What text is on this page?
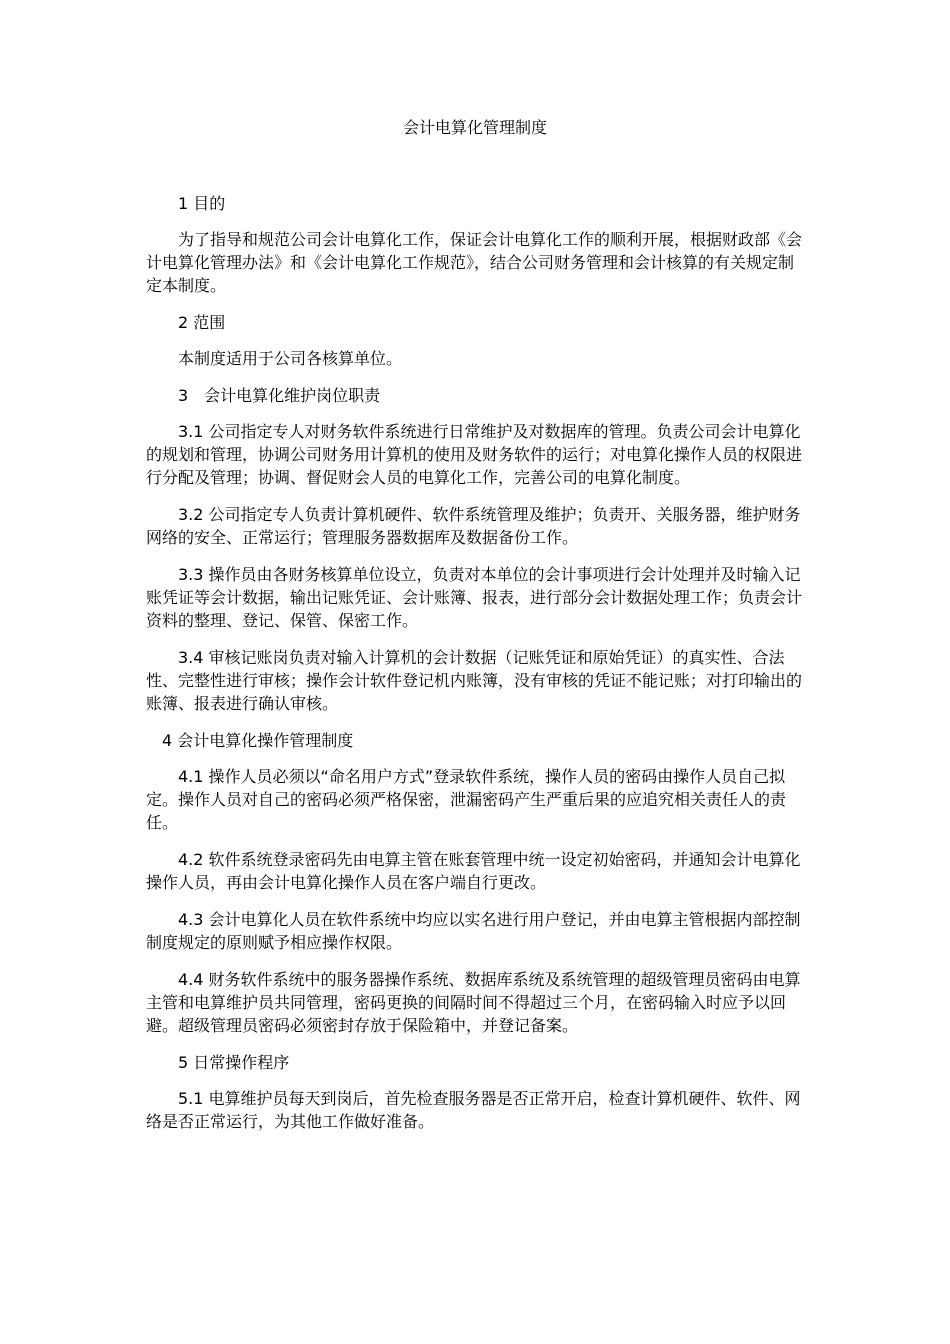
会计电算化管理制度

1 目的

为了指导和规范公司会计电算化工作，保证会计电算化工作的顺利开展，根据财政部《会计电算化管理办法》和《会计电算化工作规范》，结合公司财务管理和会计核算的有关规定制定本制度。

2 范围

本制度适用于公司各核算单位。

3　会计电算化维护岗位职责

3.1 公司指定专人对财务软件系统进行日常维护及对数据库的管理。负责公司会计电算化的规划和管理，协调公司财务用计算机的使用及财务软件的运行；对电算化操作人员的权限进行分配及管理；协调、督促财会人员的电算化工作，完善公司的电算化制度。

3.2 公司指定专人负责计算机硬件、软件系统管理及维护；负责开、关服务器，维护财务网络的安全、正常运行；管理服务器数据库及数据备份工作。

3.3 操作员由各财务核算单位设立，负责对本单位的会计事项进行会计处理并及时输入记账凭证等会计数据，输出记账凭证、会计账簿、报表，进行部分会计数据处理工作；负责会计资料的整理、登记、保管、保密工作。

3.4 审核记账岗负责对输入计算机的会计数据（记账凭证和原始凭证）的真实性、合法性、完整性进行审核；操作会计软件登记机内账簿，没有审核的凭证不能记账；对打印输出的账簿、报表进行确认审核。

4 会计电算化操作管理制度

4.1 操作人员必须以“命名用户方式”登录软件系统，操作人员的密码由操作人员自己拟定。操作人员对自己的密码必须严格保密，泄漏密码产生严重后果的应追究相关责任人的责任。

4.2 软件系统登录密码先由电算主管在账套管理中统一设定初始密码，并通知会计电算化操作人员，再由会计电算化操作人员在客户端自行更改。

4.3 会计电算化人员在软件系统中均应以实名进行用户登记，并由电算主管根据内部控制制度规定的原则赋予相应操作权限。

4.4 财务软件系统中的服务器操作系统、数据库系统及系统管理的超级管理员密码由电算主管和电算维护员共同管理，密码更换的间隔时间不得超过三个月，在密码输入时应予以回避。超级管理员密码必须密封存放于保险箱中，并登记备案。

5 日常操作程序

5.1 电算维护员每天到岗后，首先检查服务器是否正常开启，检查计算机硬件、软件、网络是否正常运行，为其他工作做好准备。
